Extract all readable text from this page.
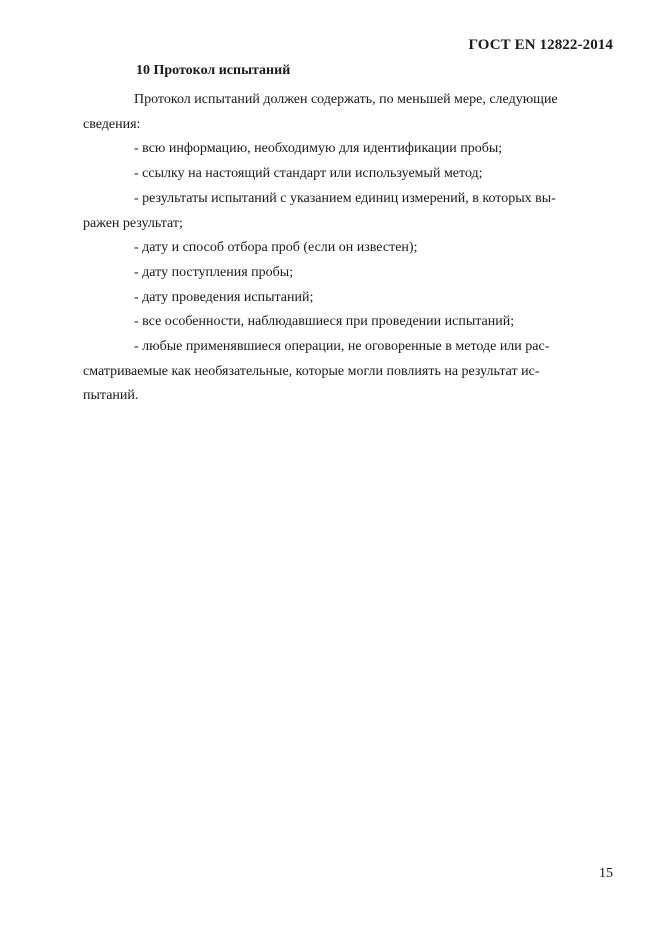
ГОСТ EN 12822-2014
10 Протокол испытаний

Протокол испытаний должен содержать, по меньшей мере, следующие
сведения:

- всю информацию, необходимую для идентификации пробы;

- ссылку на настоящий стандарт или используемый метод;

- результаты испытаний с указанием единиц измерений, в которых вы-
ражен результат;

- дату и способ отбора проб (если он известен);

- дату поступления пробы;

- дату проведения испытаний;

- все особенности, наблюдавшиеся при проведении испытаний;

- любые применявшиеся операции, не оговоренные в методе или рас-
сматриваемые как необязательные, которые могли повлиять на результат ис-
пытаний.

15
